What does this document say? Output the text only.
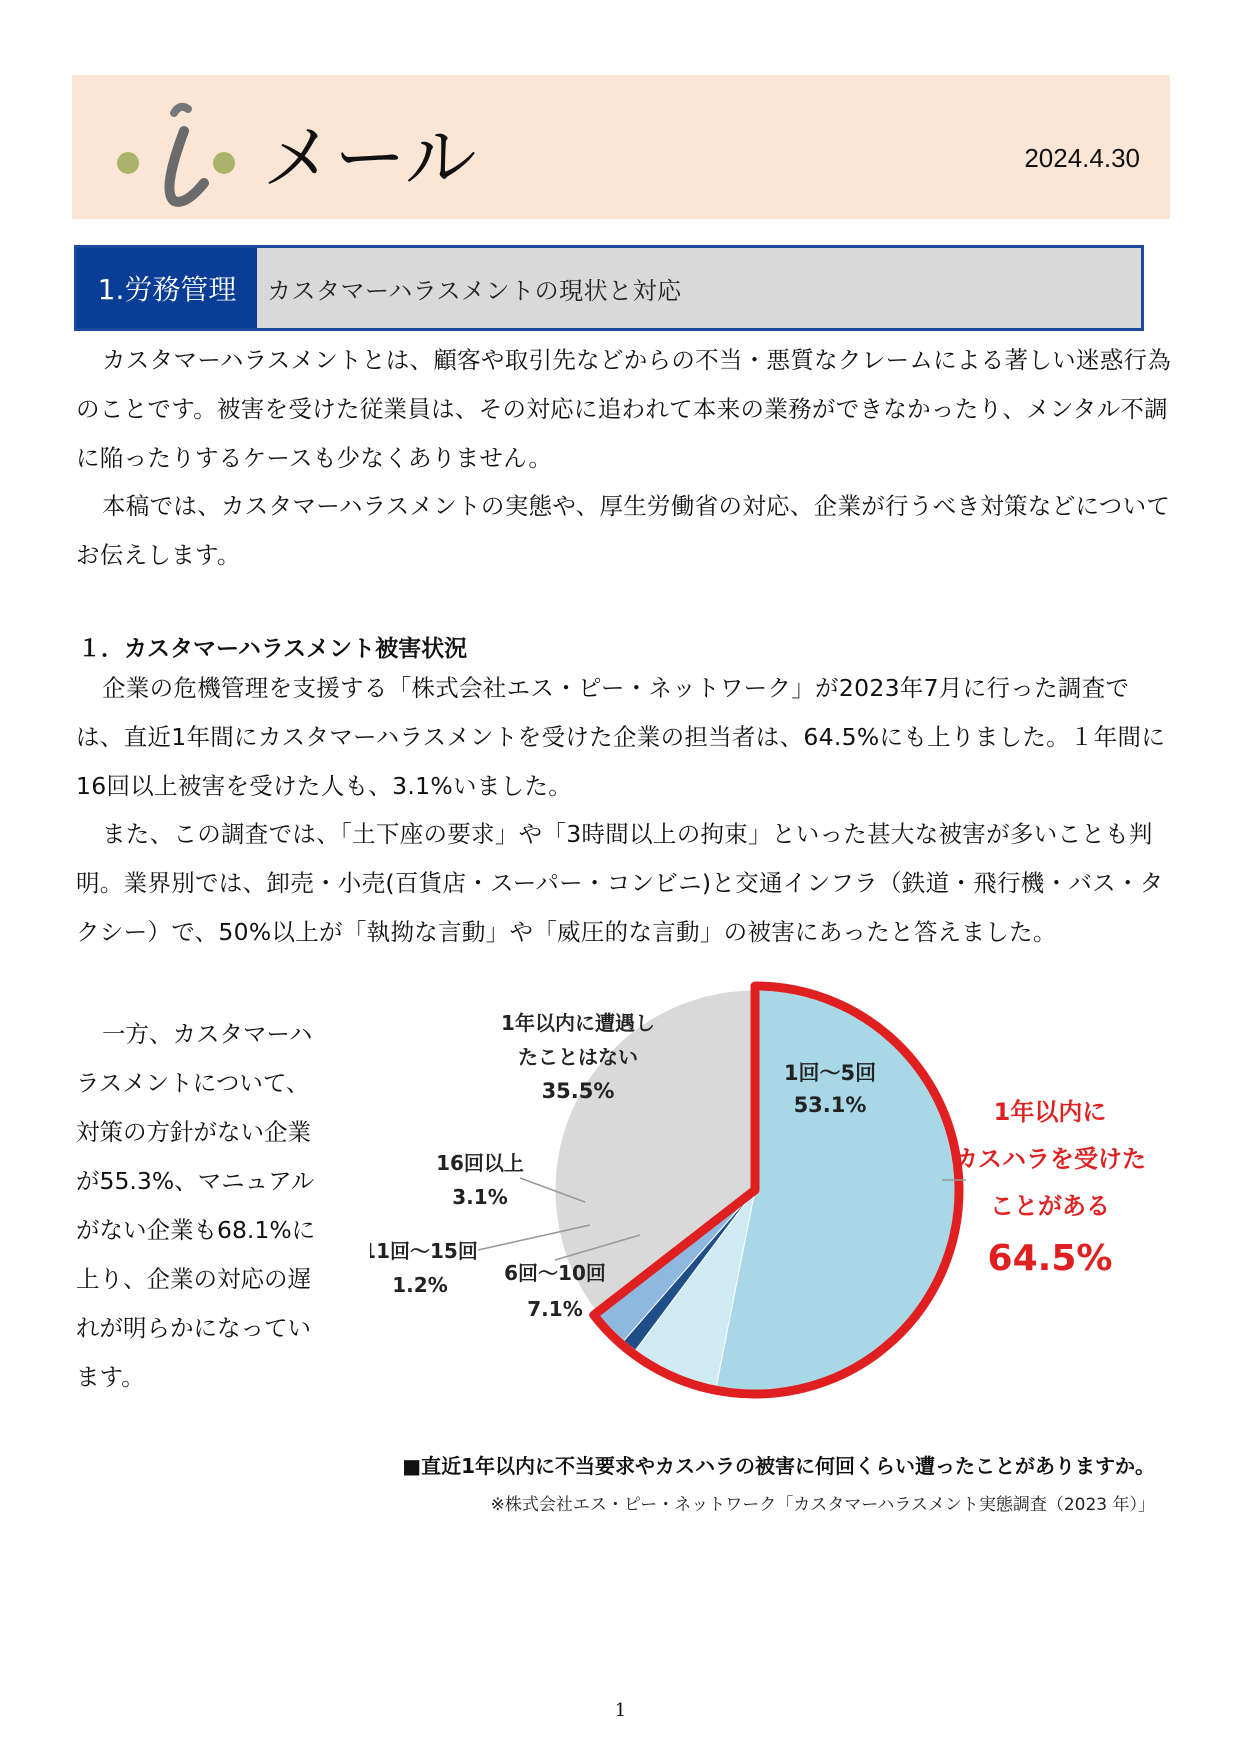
メール	2024.4.30
1.労務管理	カスタマーハラスメントの現状と対応

カスタマーハラスメントとは、顧客や取引先などからの不当・悪質なクレームによる著しい迷惑行為のことです。被害を受けた従業員は、その対応に追われて本来の業務ができなかったり、メンタル不調に陥ったりするケースも少なくありません。

本稿では、カスタマーハラスメントの実態や、厚生労働省の対応、企業が行うべき対策などについてお伝えします。

１．カスタマーハラスメント被害状況

企業の危機管理を支援する「株式会社エス・ピー・ネットワーク」が2023年7月に行った調査では、直近1年間にカスタマーハラスメントを受けた企業の担当者は、64.5%にも上りました。１年間に16回以上被害を受けた人も、3.1%いました。

また、この調査では、「土下座の要求」や「3時間以上の拘束」といった甚大な被害が多いことも判明。業界別では、卸売・小売(百貨店・スーパー・コンビニ)と交通インフラ（鉄道・飛行機・バス・タクシー）で、50%以上が「執拗な言動」や「威圧的な言動」の被害にあったと答えました。

一方、カスタマーハラスメントについて、対策の方針がない企業が55.3%、マニュアルがない企業も68.1%に上り、企業の対応の遅れが明らかになっています。

1回～5回
53.1%
1年以内に遭遇し
たことはない
35.5%
16回以上
3.1%
11回～15回
1.2%	6回～10回
7.1%
1年以内に
カスハラを受けた
ことがある
64.5%

■直近1年以内に不当要求やカスハラの被害に何回くらい遭ったことがありますか。

※株式会社エス・ピー・ネットワーク「カスタマーハラスメント実態調査（2023 年）」

1
